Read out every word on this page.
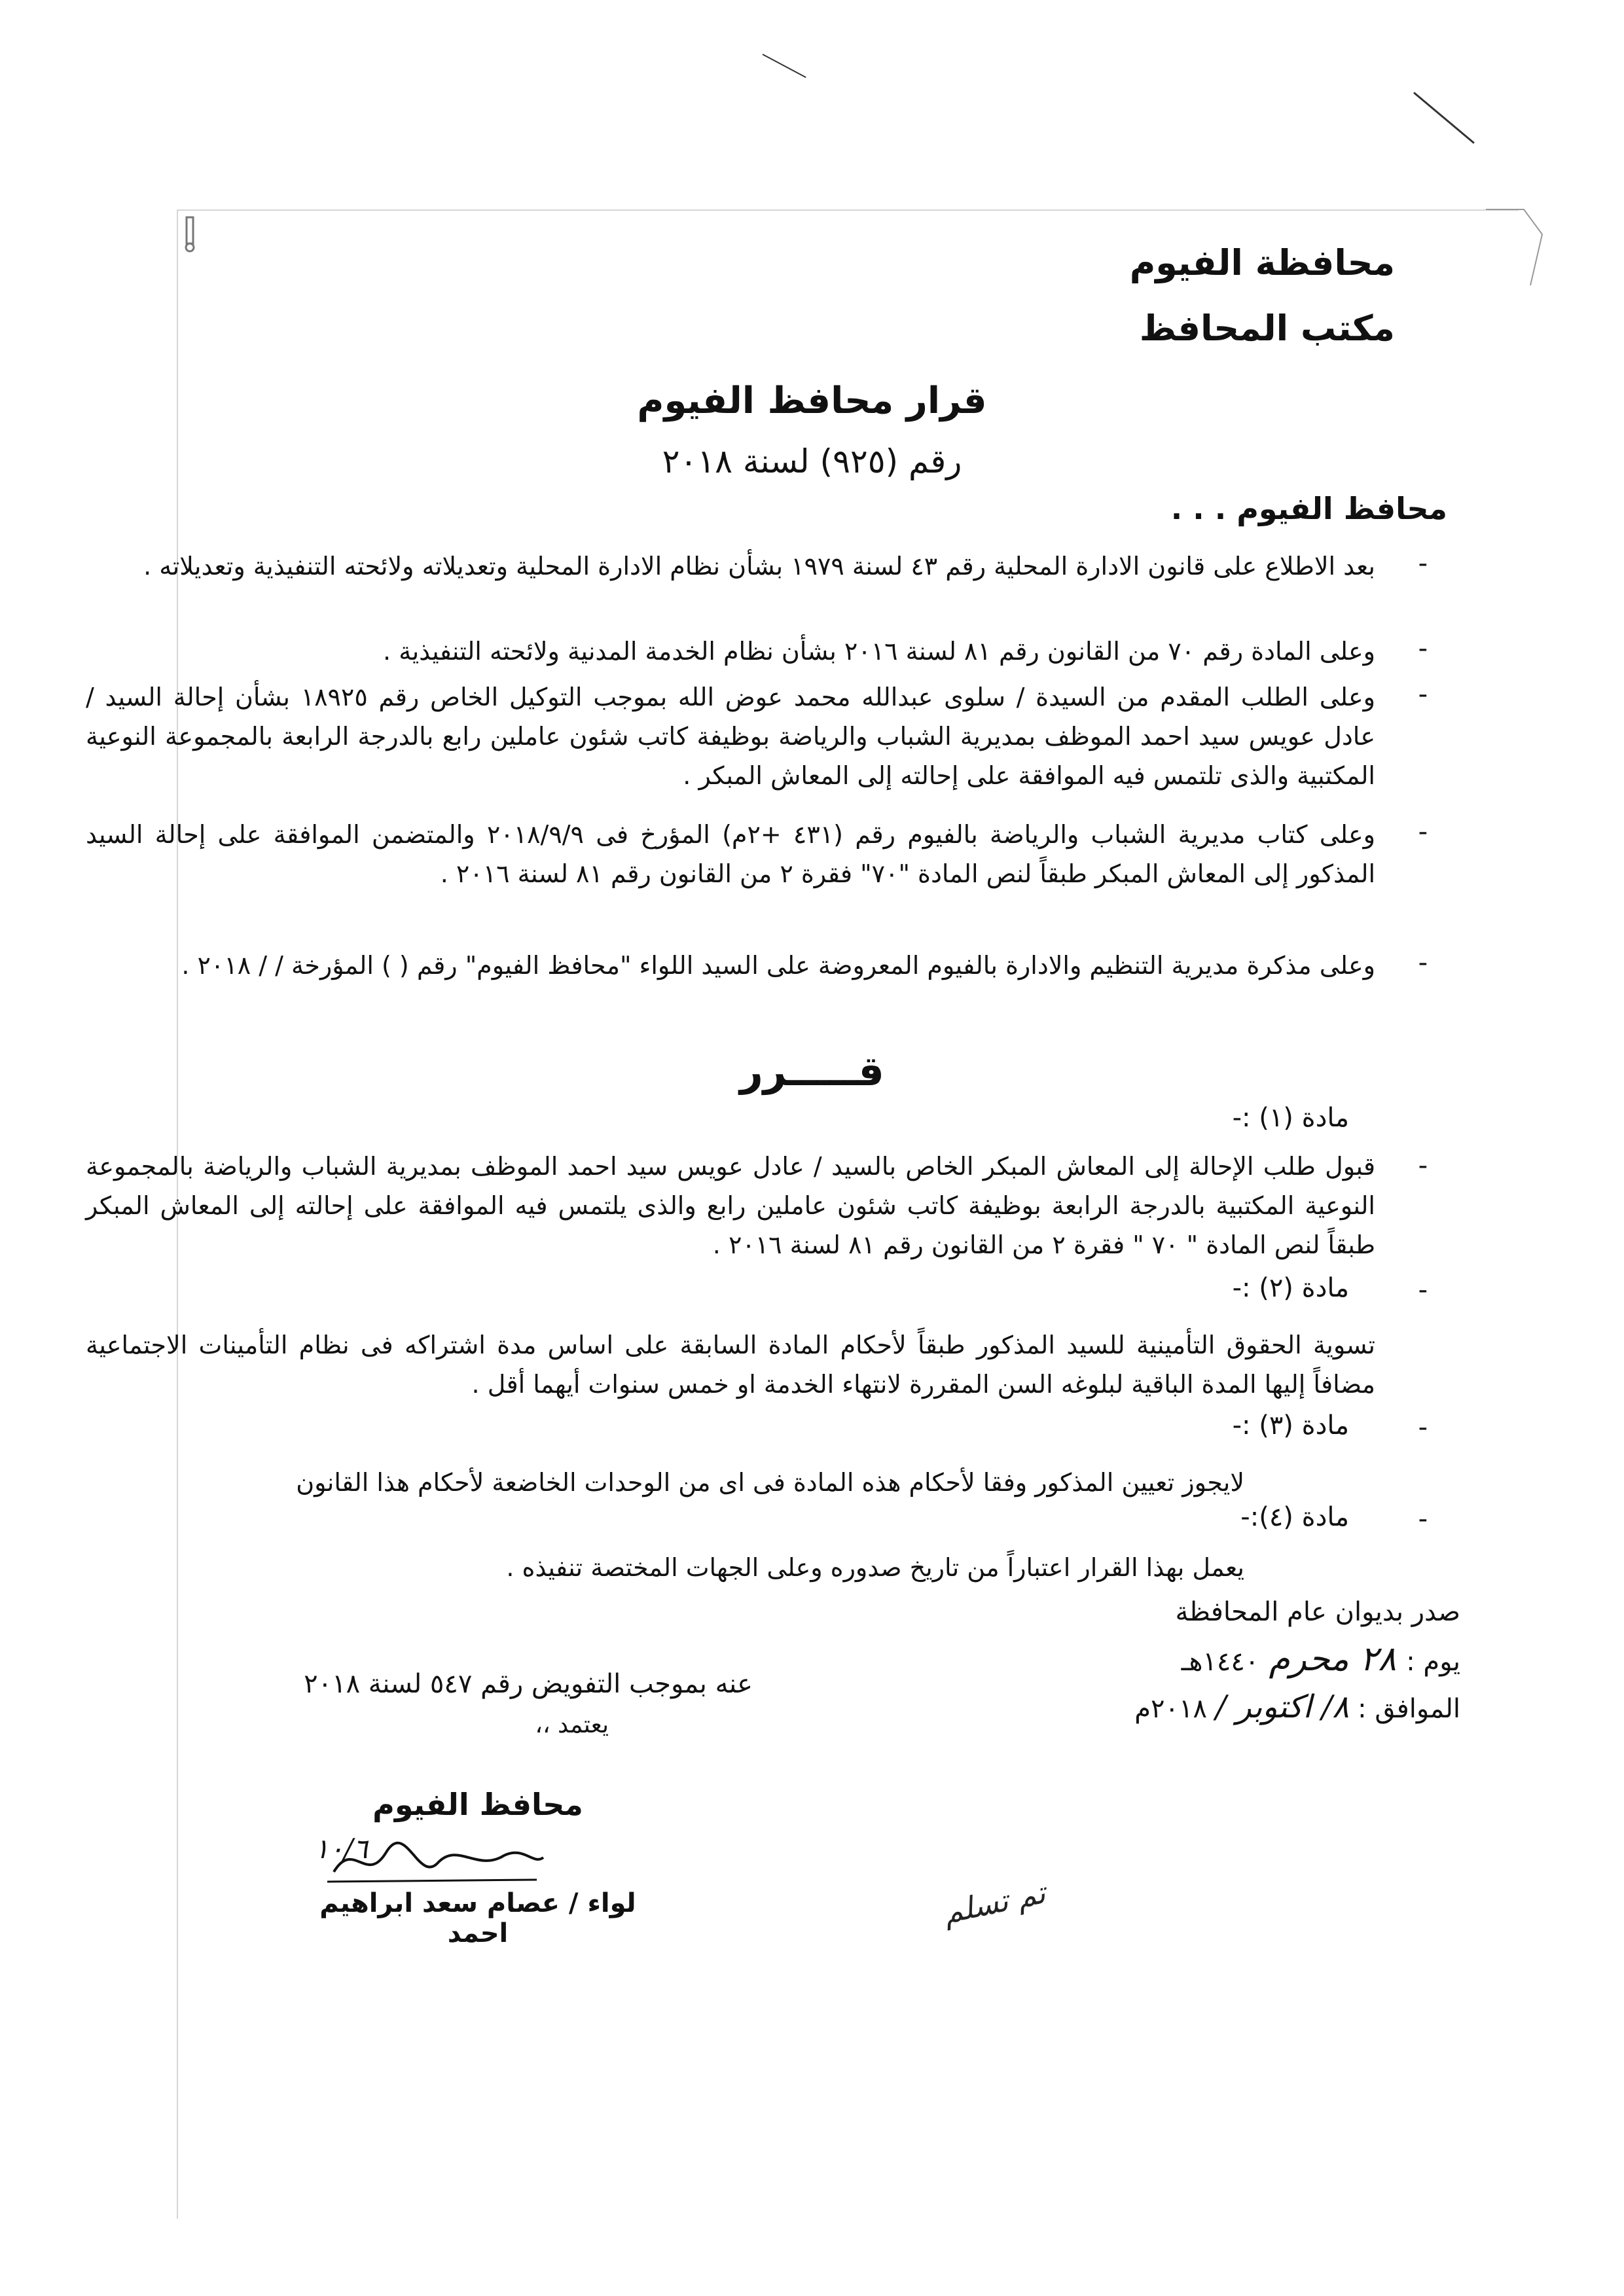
محافظة الفيوم
مكتب المحافظ
قرار محافظ الفيوم
رقم (٩٢٥) لسنة ٢٠١٨
محافظ الفيوم . . .
-
بعد الاطلاع على قانون الادارة المحلية رقم ٤٣ لسنة ١٩٧٩ بشأن نظام الادارة المحلية وتعديلاته ولائحته التنفيذية وتعديلاته .
-
وعلى المادة رقم ٧٠ من القانون رقم ٨١ لسنة ٢٠١٦ بشأن نظام الخدمة المدنية ولائحته التنفيذية .
-
وعلى الطلب المقدم من السيدة / سلوى عبدالله محمد عوض الله بموجب التوكيل الخاص رقم ١٨٩٢٥ بشأن إحالة السيد / عادل عويس سيد احمد الموظف بمديرية الشباب والرياضة بوظيفة كاتب شئون عاملين رابع بالدرجة الرابعة بالمجموعة النوعية المكتبية والذى تلتمس فيه الموافقة على إحالته إلى المعاش المبكر .
-
وعلى كتاب مديرية الشباب والرياضة بالفيوم رقم (٤٣١ +٢م) المؤرخ فى ٢٠١٨/٩/٩ والمتضمن الموافقة على إحالة السيد المذكور إلى المعاش المبكر طبقاً لنص المادة "٧٠" فقرة ٢ من القانون رقم ٨١ لسنة ٢٠١٦ .
-
وعلى مذكرة مديرية التنظيم والادارة بالفيوم المعروضة على السيد اللواء "محافظ الفيوم" رقم ( ) المؤرخة / / ٢٠١٨ .
قـــــرر
مادة (١) :-
-
قبول طلب الإحالة إلى المعاش المبكر الخاص بالسيد / عادل عويس سيد احمد الموظف بمديرية الشباب والرياضة بالمجموعة النوعية المكتبية بالدرجة الرابعة بوظيفة كاتب شئون عاملين رابع والذى يلتمس فيه الموافقة على إحالته إلى المعاش المبكر طبقاً لنص المادة " ٧٠ " فقرة ٢ من القانون رقم ٨١ لسنة ٢٠١٦ .
-
مادة (٢) :-
تسوية الحقوق التأمينية للسيد المذكور طبقاً لأحكام المادة السابقة على اساس مدة اشتراكه فى نظام التأمينات الاجتماعية مضافاً إليها المدة الباقية لبلوغه السن المقررة لانتهاء الخدمة او خمس سنوات أيهما أقل .
-
مادة (٣) :-
لايجوز تعيين المذكور وفقا لأحكام هذه المادة فى اى من الوحدات الخاضعة لأحكام هذا القانون
-
مادة (٤):-
يعمل بهذا القرار اعتباراً من تاريخ صدوره وعلى الجهات المختصة تنفيذه .
صدر بديوان عام المحافظة
يوم : ٢٨ محرم ١٤٤٠هـ
الموافق : ٨/ اكتوبر / ٢٠١٨م
عنه بموجب التفويض رقم ٥٤٧ لسنة ٢٠١٨
يعتمد ،،
محافظ الفيوم
١٠/٦
لواء / عصام سعد ابراهيم احمد
تم تسلم
